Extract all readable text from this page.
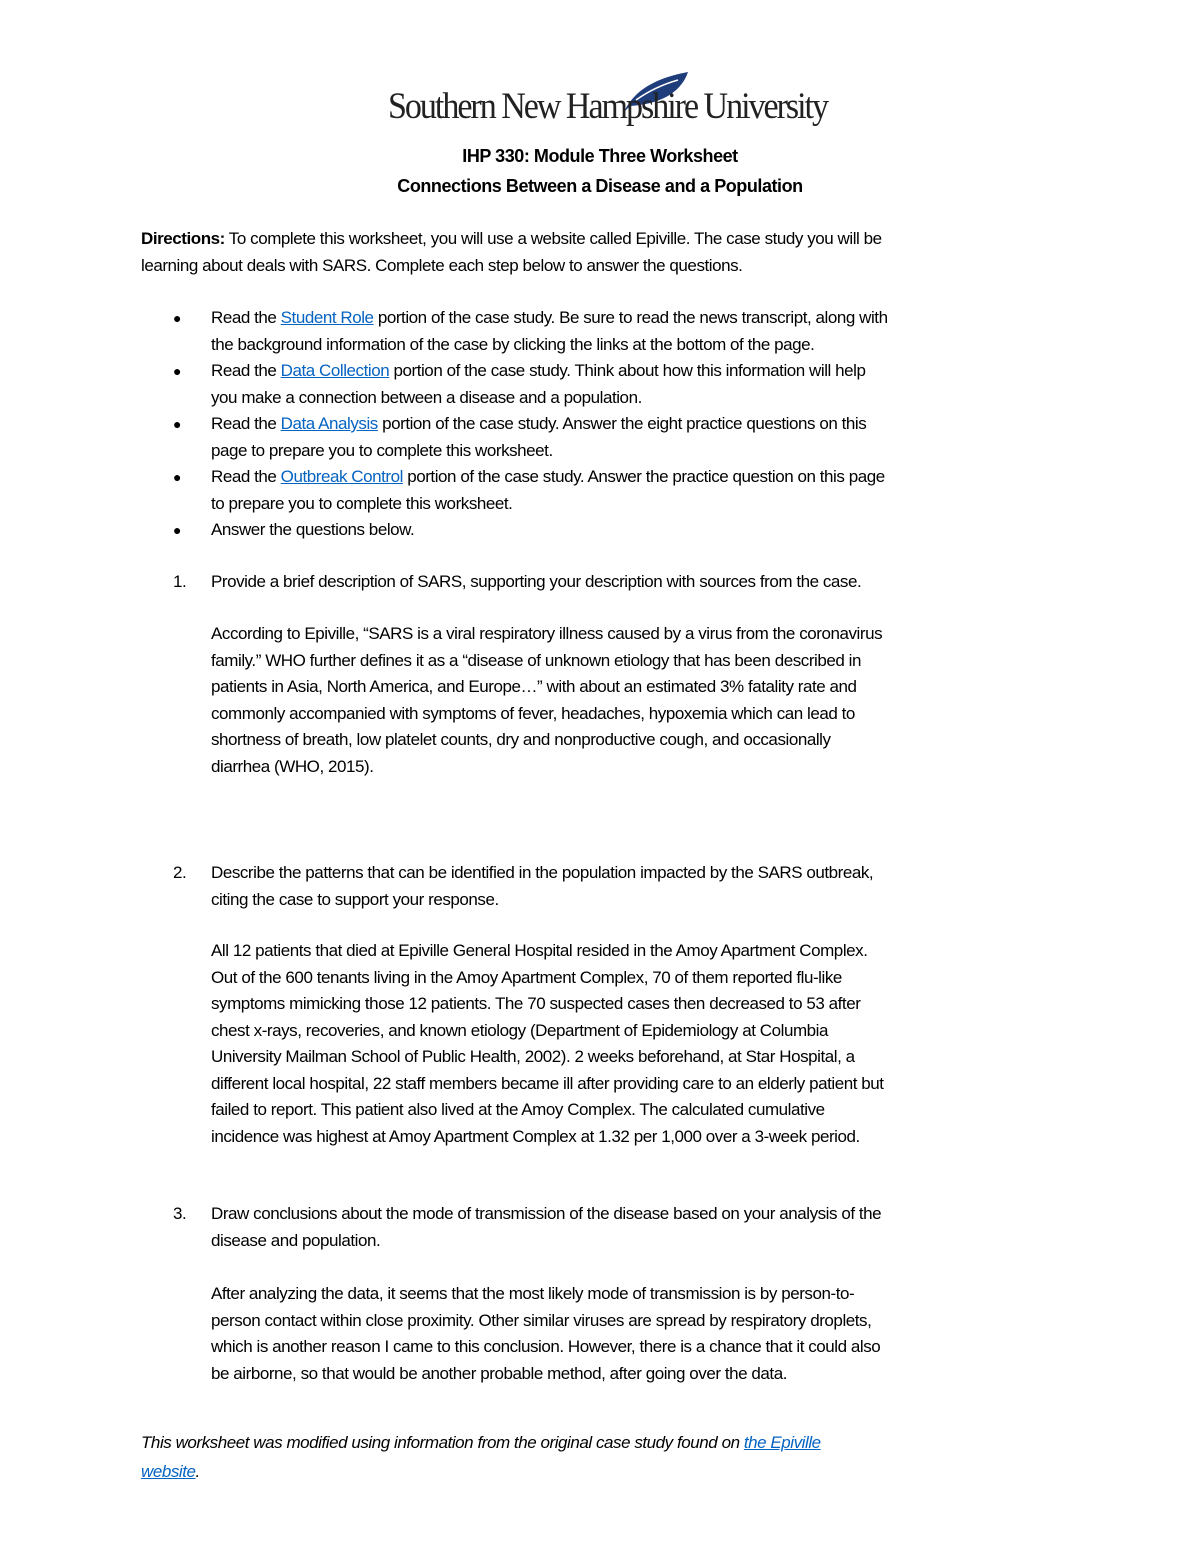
Southern New Hampshire University
IHP 330: Module Three Worksheet
Connections Between a Disease and a Population
Directions: To complete this worksheet, you will use a website called Epiville. The case study you will be
learning about deals with SARS. Complete each step below to answer the questions.
● Read the Student Role portion of the case study. Be sure to read the news transcript, along with
the background information of the case by clicking the links at the bottom of the page.
● Read the Data Collection portion of the case study. Think about how this information will help
you make a connection between a disease and a population.
● Read the Data Analysis portion of the case study. Answer the eight practice questions on this
page to prepare you to complete this worksheet.
● Read the Outbreak Control portion of the case study. Answer the practice question on this page
to prepare you to complete this worksheet.
● Answer the questions below.
1. Provide a brief description of SARS, supporting your description with sources from the case.
According to Epiville, “SARS is a viral respiratory illness caused by a virus from the coronavirus
family.” WHO further defines it as a “disease of unknown etiology that has been described in
patients in Asia, North America, and Europe…” with about an estimated 3% fatality rate and
commonly accompanied with symptoms of fever, headaches, hypoxemia which can lead to
shortness of breath, low platelet counts, dry and nonproductive cough, and occasionally
diarrhea (WHO, 2015).
2. Describe the patterns that can be identified in the population impacted by the SARS outbreak,
citing the case to support your response.
All 12 patients that died at Epiville General Hospital resided in the Amoy Apartment Complex.
Out of the 600 tenants living in the Amoy Apartment Complex, 70 of them reported flu-like
symptoms mimicking those 12 patients. The 70 suspected cases then decreased to 53 after
chest x-rays, recoveries, and known etiology (Department of Epidemiology at Columbia
University Mailman School of Public Health, 2002). 2 weeks beforehand, at Star Hospital, a
different local hospital, 22 staff members became ill after providing care to an elderly patient but
failed to report. This patient also lived at the Amoy Complex. The calculated cumulative
incidence was highest at Amoy Apartment Complex at 1.32 per 1,000 over a 3-week period.
3. Draw conclusions about the mode of transmission of the disease based on your analysis of the
disease and population.
After analyzing the data, it seems that the most likely mode of transmission is by person-to-
person contact within close proximity. Other similar viruses are spread by respiratory droplets,
which is another reason I came to this conclusion. However, there is a chance that it could also
be airborne, so that would be another probable method, after going over the data.
This worksheet was modified using information from the original case study found on the Epiville
website.
